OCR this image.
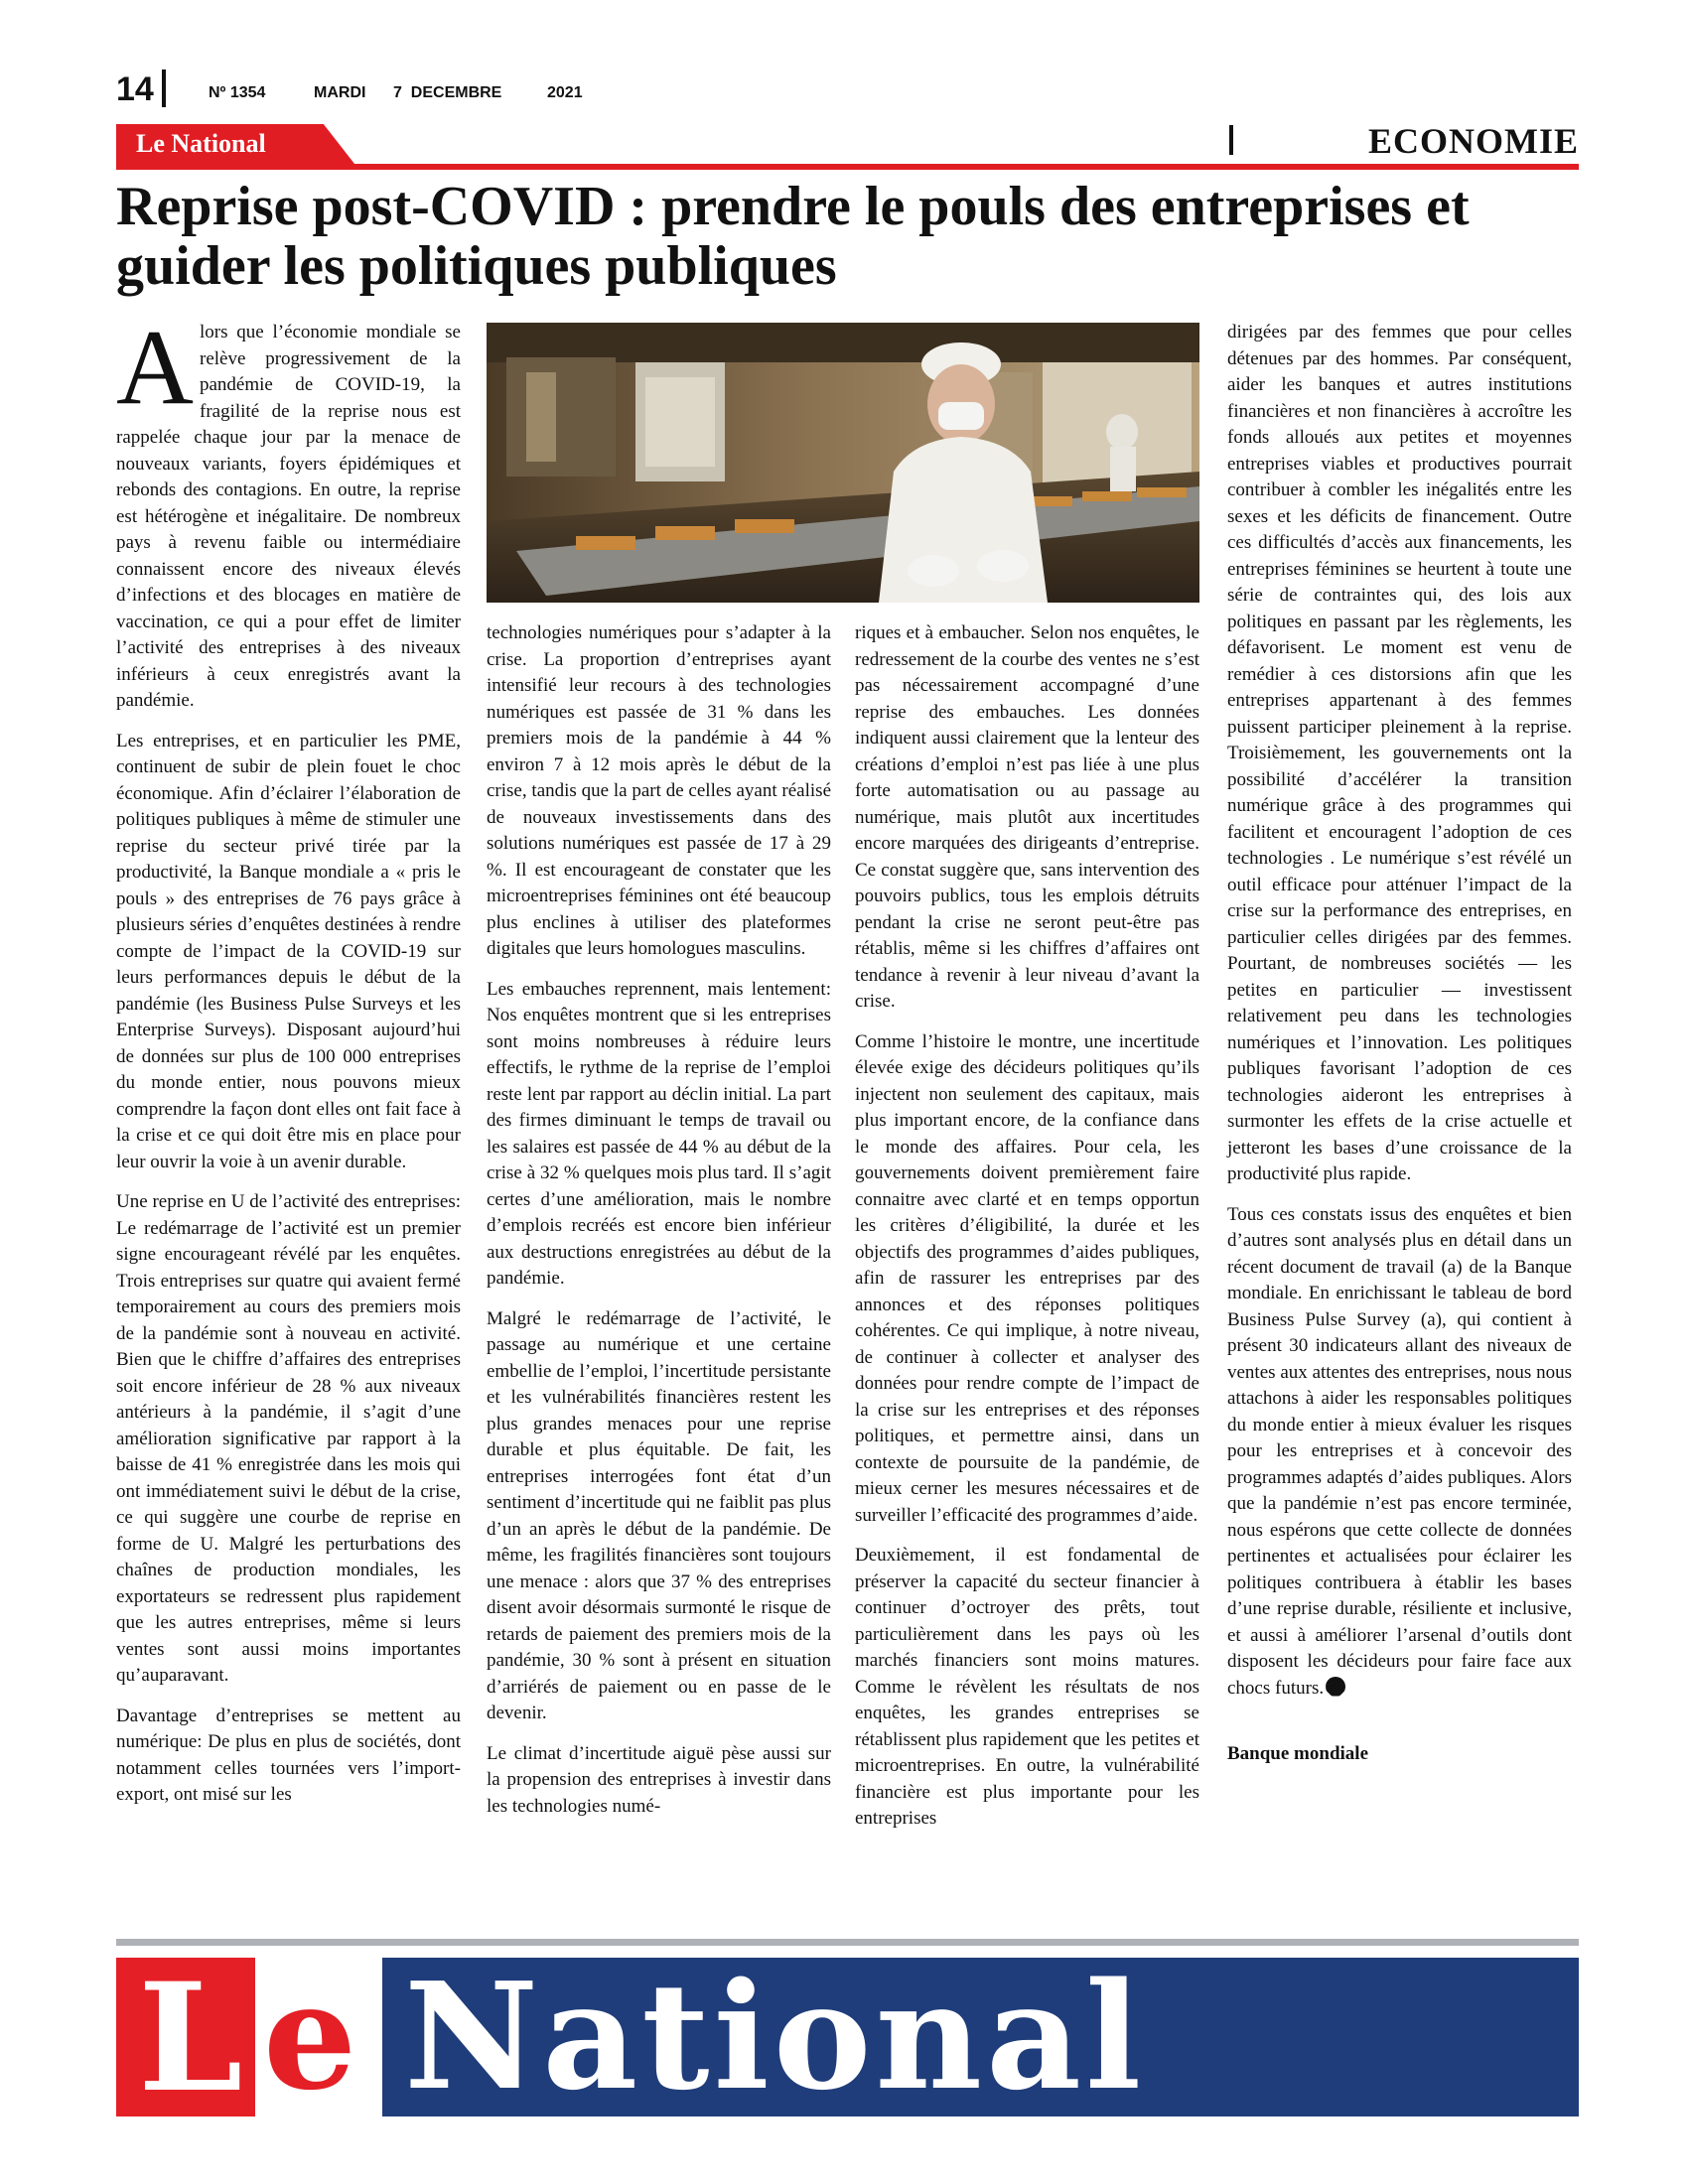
14	Nº 1354	MARDI 7  DECEMBRE	2021
Le National	ECONOMIE
Reprise post-COVID : prendre le pouls des entreprises et guider les politiques publiques

Alors que l’économie mondiale se relève progressivement de la pandémie de COVID-19, la fragilité de la reprise nous est rappelée chaque jour par la menace de nouveaux variants, foyers épidémiques et rebonds des contagions. En outre, la reprise est hétérogène et inégalitaire. De nombreux pays à revenu faible ou intermédiaire connaissent encore des niveaux élevés d’infections et des blocages en matière de vaccination, ce qui a pour effet de limiter l’activité des entreprises à des niveaux inférieurs à ceux enregistrés avant la pandémie.

Les entreprises, et en particulier les PME, continuent de subir de plein fouet le choc économique. Afin d’éclairer l’élaboration de politiques publiques à même de stimuler une reprise du secteur privé tirée par la productivité, la Banque mondiale a « pris le pouls » des entreprises de 76 pays grâce à plusieurs séries d’enquêtes destinées à rendre compte de l’impact de la COVID-19 sur leurs performances depuis le début de la pandémie (les Business Pulse Surveys et les Enterprise Surveys). Disposant aujourd’hui de données sur plus de 100 000 entreprises du monde entier, nous pouvons mieux comprendre la façon dont elles ont fait face à la crise et ce qui doit être mis en place pour leur ouvrir la voie à un avenir durable.

Une reprise en U de l’activité des entreprises: Le redémarrage de l’activité est un premier signe encourageant révélé par les enquêtes. Trois entreprises sur quatre qui avaient fermé temporairement au cours des premiers mois de la pandémie sont à nouveau en activité. Bien que le chiffre d’affaires des entreprises soit encore inférieur de 28 % aux niveaux antérieurs à la pandémie, il s’agit d’une amélioration significative par rapport à la baisse de 41 % enregistrée dans les mois qui ont immédiatement suivi le début de la crise, ce qui suggère une courbe de reprise en forme de U. Malgré les perturbations des chaînes de production mondiales, les exportateurs se redressent plus rapidement que les autres entreprises, même si leurs ventes sont aussi moins importantes qu’auparavant.

Davantage d’entreprises se mettent au numérique: De plus en plus de sociétés, dont notamment celles tournées vers l’import-export, ont misé sur les

technologies numériques pour s’adapter à la crise. La proportion d’entreprises ayant intensifié leur recours à des technologies numériques est passée de 31 % dans les premiers mois de la pandémie à 44 % environ 7 à 12 mois après le début de la crise, tandis que la part de celles ayant réalisé de nouveaux investissements dans des solutions numériques est passée de 17 à 29 %. Il est encourageant de constater que les microentreprises féminines ont été beaucoup plus enclines à utiliser des plateformes digitales que leurs homologues masculins.

Les embauches reprennent, mais lentement: Nos enquêtes montrent que si les entreprises sont moins nombreuses à réduire leurs effectifs, le rythme de la reprise de l’emploi reste lent par rapport au déclin initial. La part des firmes diminuant le temps de travail ou les salaires est passée de 44 % au début de la crise à 32 % quelques mois plus tard. Il s’agit certes d’une amélioration, mais le nombre d’emplois recréés est encore bien inférieur aux destructions enregistrées au début de la pandémie.

Malgré le redémarrage de l’activité, le passage au numérique et une certaine embellie de l’emploi, l’incertitude persistante et les vulnérabilités financières restent les plus grandes menaces pour une reprise durable et plus équitable. De fait, les entreprises interrogées font état d’un sentiment d’incertitude qui ne faiblit pas plus d’un an après le début de la pandémie. De même, les fragilités financières sont toujours une menace : alors que 37 % des entreprises disent avoir désormais surmonté le risque de retards de paiement des premiers mois de la pandémie, 30 % sont à présent en situation d’arriérés de paiement ou en passe de le devenir.

Le climat d’incertitude aiguë pèse aussi sur la propension des entreprises à investir dans les technologies numé-

riques et à embaucher. Selon nos enquêtes, le redressement de la courbe des ventes ne s’est pas nécessairement accompagné d’une reprise des embauches. Les données indiquent aussi clairement que la lenteur des créations d’emploi n’est pas liée à une plus forte automatisation ou au passage au numérique, mais plutôt aux incertitudes encore marquées des dirigeants d’entreprise. Ce constat suggère que, sans intervention des pouvoirs publics, tous les emplois détruits pendant la crise ne seront peut-être pas rétablis, même si les chiffres d’affaires ont tendance à revenir à leur niveau d’avant la crise.

Comme l’histoire le montre, une incertitude élevée exige des décideurs politiques qu’ils injectent non seulement des capitaux, mais plus important encore, de la confiance dans le monde des affaires. Pour cela, les gouvernements doivent premièrement faire connaitre avec clarté et en temps opportun les critères d’éligibilité, la durée et les objectifs des programmes d’aides publiques, afin de rassurer les entreprises par des annonces et des réponses politiques cohérentes. Ce qui implique, à notre niveau, de continuer à collecter et analyser des données pour rendre compte de l’impact de la crise sur les entreprises et des réponses politiques, et permettre ainsi, dans un contexte de poursuite de la pandémie, de mieux cerner les mesures nécessaires et de surveiller l’efficacité des programmes d’aide.

Deuxièmement, il est fondamental de préserver la capacité du secteur financier à continuer d’octroyer des prêts, tout particulièrement dans les pays où les marchés financiers sont moins matures. Comme le révèlent les résultats de nos enquêtes, les grandes entreprises se rétablissent plus rapidement que les petites et microentreprises. En outre, la vulnérabilité financière est plus importante pour les entreprises

dirigées par des femmes que pour celles détenues par des hommes. Par conséquent, aider les banques et autres institutions financières et non financières à accroître les fonds alloués aux petites et moyennes entreprises viables et productives pourrait contribuer à combler les inégalités entre les sexes et les déficits de financement. Outre ces difficultés d’accès aux financements, les entreprises féminines se heurtent à toute une série de contraintes qui, des lois aux politiques en passant par les règlements, les défavorisent. Le moment est venu de remédier à ces distorsions afin que les entreprises appartenant à des femmes puissent participer pleinement à la reprise. Troisièmement, les gouvernements ont la possibilité d’accélérer la transition numérique grâce à des programmes qui facilitent et encouragent l’adoption de ces technologies . Le numérique s’est révélé un outil efficace pour atténuer l’impact de la crise sur la performance des entreprises, en particulier celles dirigées par des femmes. Pourtant, de nombreuses sociétés — les petites en particulier — investissent relativement peu dans les technologies numériques et l’innovation. Les politiques publiques favorisant l’adoption de ces technologies aideront les entreprises à surmonter les effets de la crise actuelle et jetteront les bases d’une croissance de la productivité plus rapide.

Tous ces constats issus des enquêtes et bien d’autres sont analysés plus en détail dans un récent document de travail (a) de la Banque mondiale. En enrichissant le tableau de bord Business Pulse Survey (a), qui contient à présent 30 indicateurs allant des niveaux de ventes aux attentes des entreprises, nous nous attachons à aider les responsables politiques du monde entier à mieux évaluer les risques pour les entreprises et à concevoir des programmes adaptés d’aides publiques. Alors que la pandémie n’est pas encore terminée, nous espérons que cette collecte de données pertinentes et actualisées pour éclairer les politiques contribuera à établir les bases d’une reprise durable, résiliente et inclusive, et aussi à améliorer l’arsenal d’outils dont disposent les décideurs pour faire face aux chocs futurs.

Banque mondiale

L e National
